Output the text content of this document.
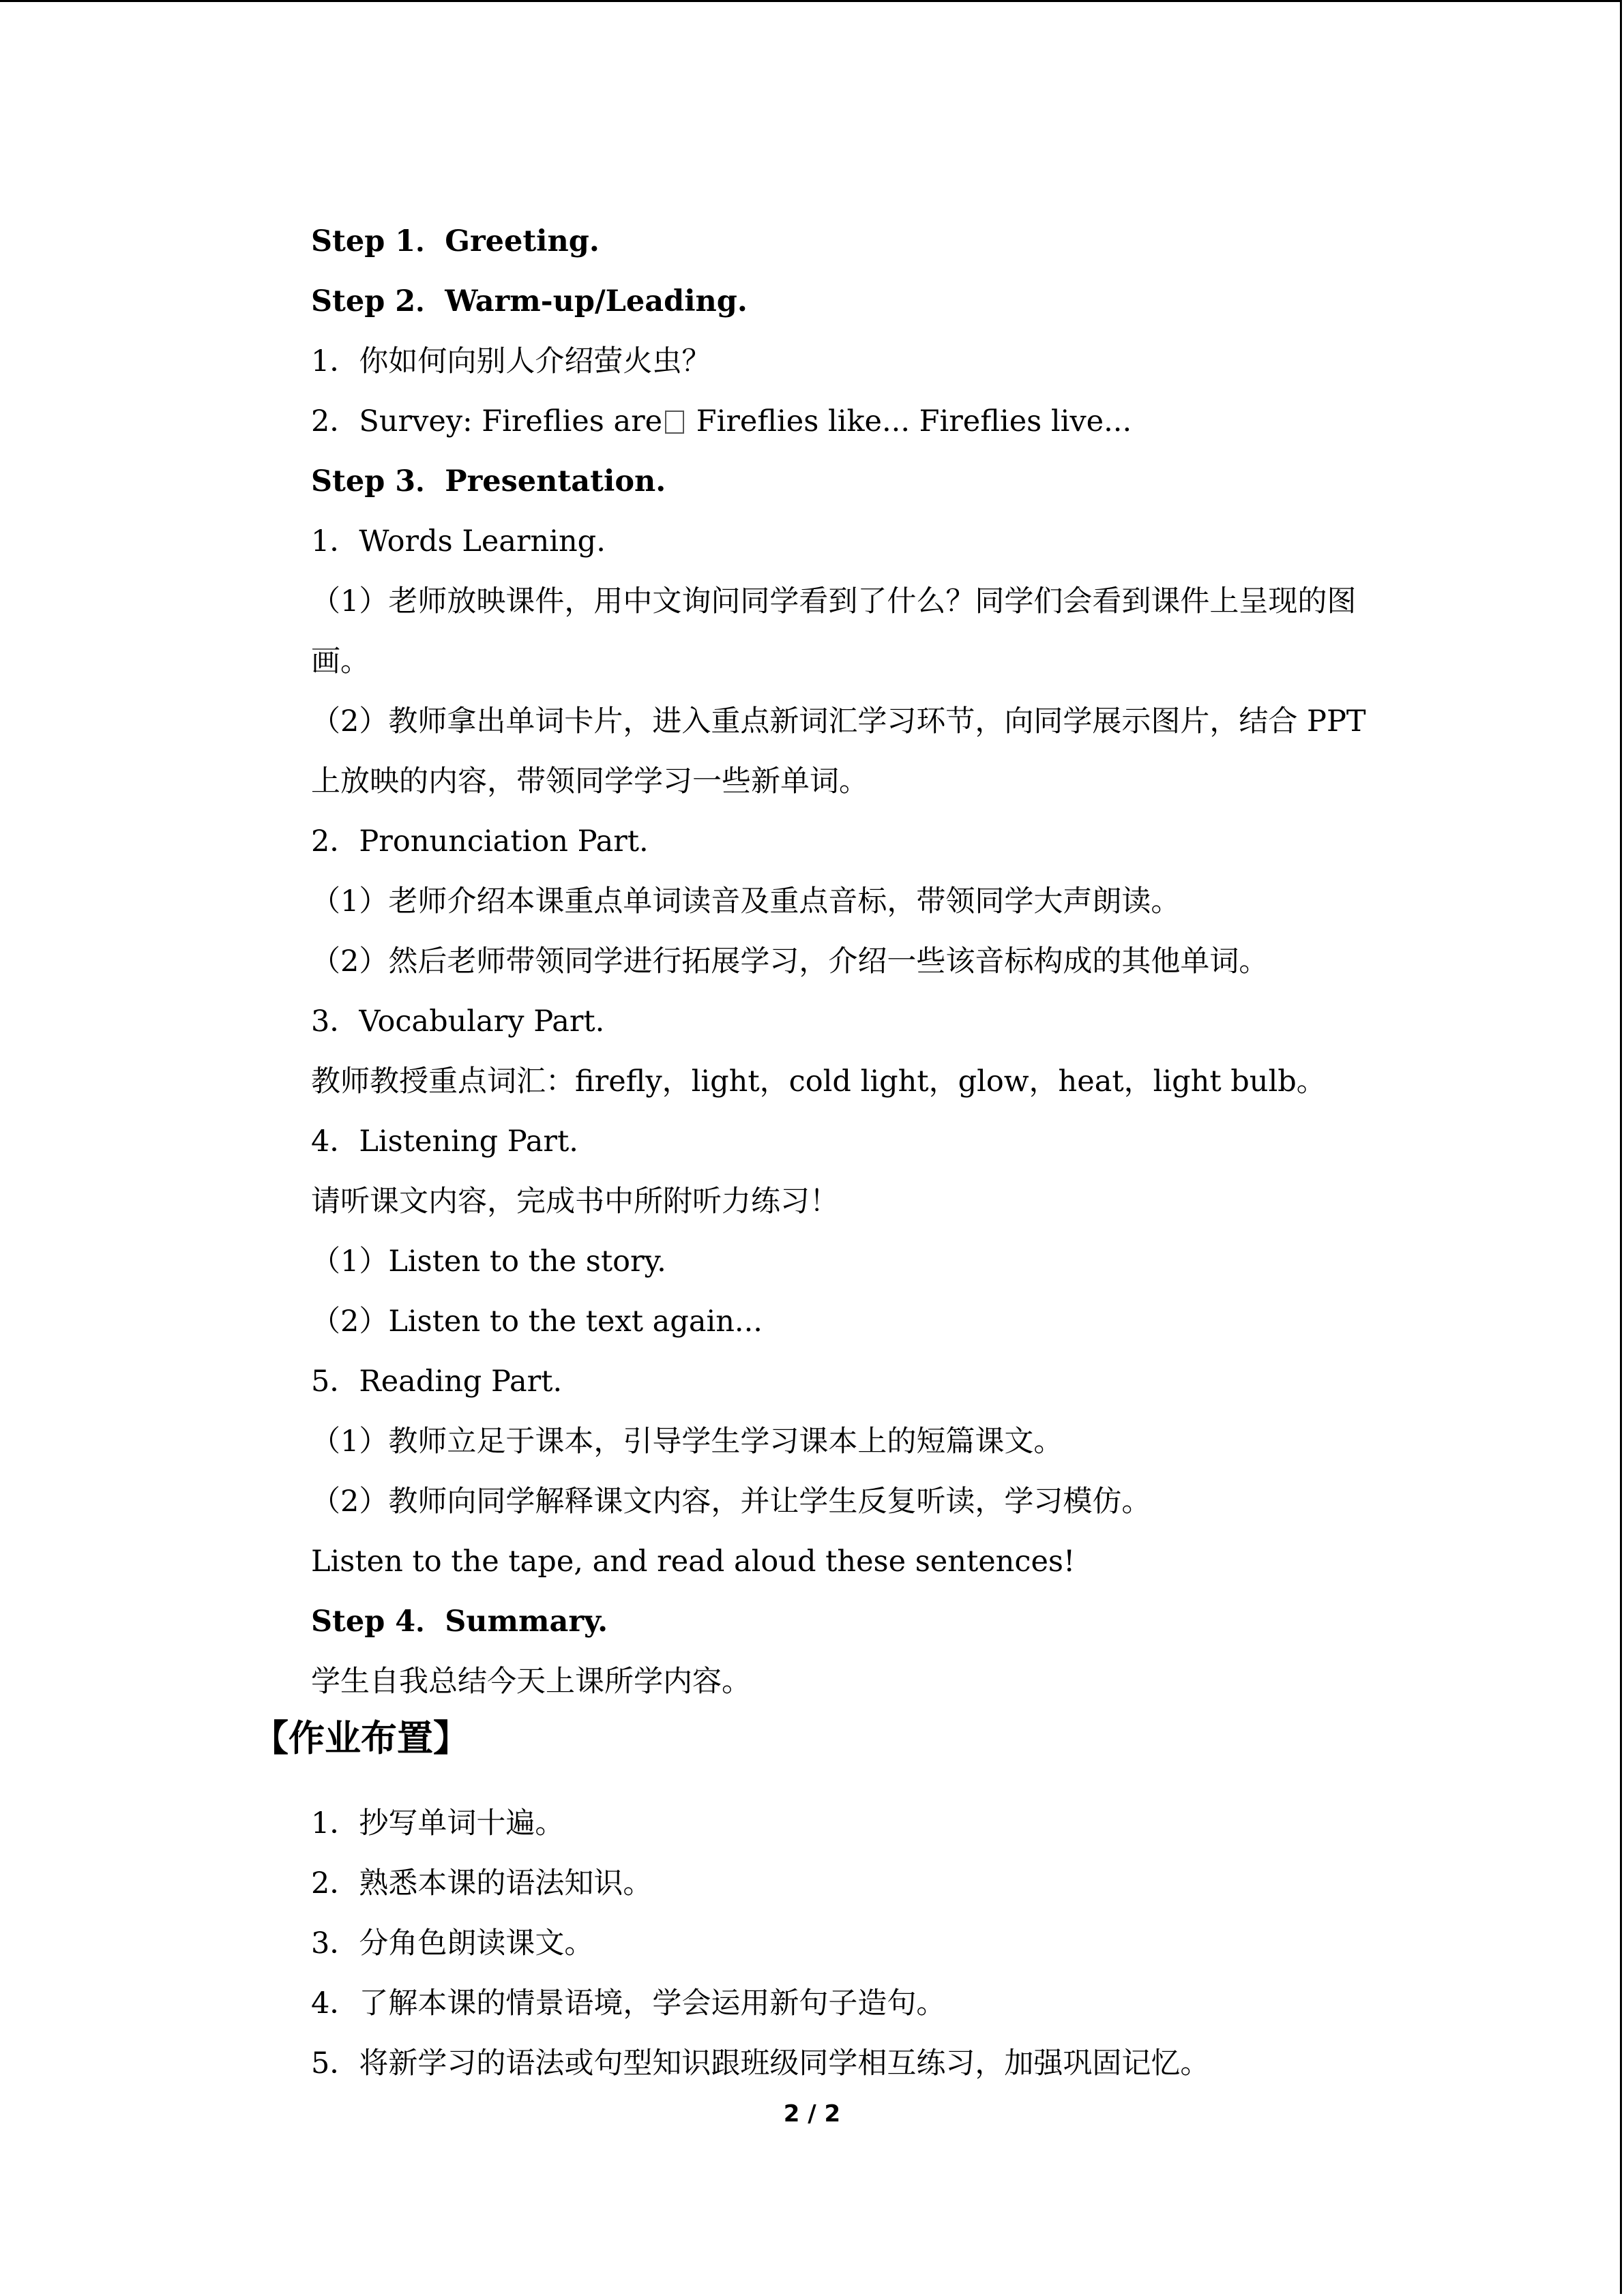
Step 1．Greeting.

Step 2．Warm-up/Leading.

1．你如何向别人介绍萤火虫？

2．Survey: Fireflies are Fireflies like... Fireflies live...

Step 3．Presentation.

1．Words Learning.

（1）老师放映课件，用中文询问同学看到了什么？同学们会看到课件上呈现的图画。

（2）教师拿出单词卡片，进入重点新词汇学习环节，向同学展示图片，结合 PPT 上放映的内容，带领同学学习一些新单词。

2．Pronunciation Part.

（1）老师介绍本课重点单词读音及重点音标，带领同学大声朗读。

（2）然后老师带领同学进行拓展学习，介绍一些该音标构成的其他单词。

3．Vocabulary Part.

教师教授重点词汇：firefly，light，cold light，glow，heat，light bulb。

4．Listening Part.

请听课文内容，完成书中所附听力练习！

（1）Listen to the story.

（2）Listen to the text again...

5．Reading Part.

（1）教师立足于课本，引导学生学习课本上的短篇课文。

（2）教师向同学解释课文内容，并让学生反复听读，学习模仿。

Listen to the tape, and read aloud these sentences!

Step 4．Summary.

学生自我总结今天上课所学内容。

【作业布置】

1．抄写单词十遍。

2．熟悉本课的语法知识。

3．分角色朗读课文。

4．了解本课的情景语境，学会运用新句子造句。

5．将新学习的语法或句型知识跟班级同学相互练习，加强巩固记忆。

2 / 2
